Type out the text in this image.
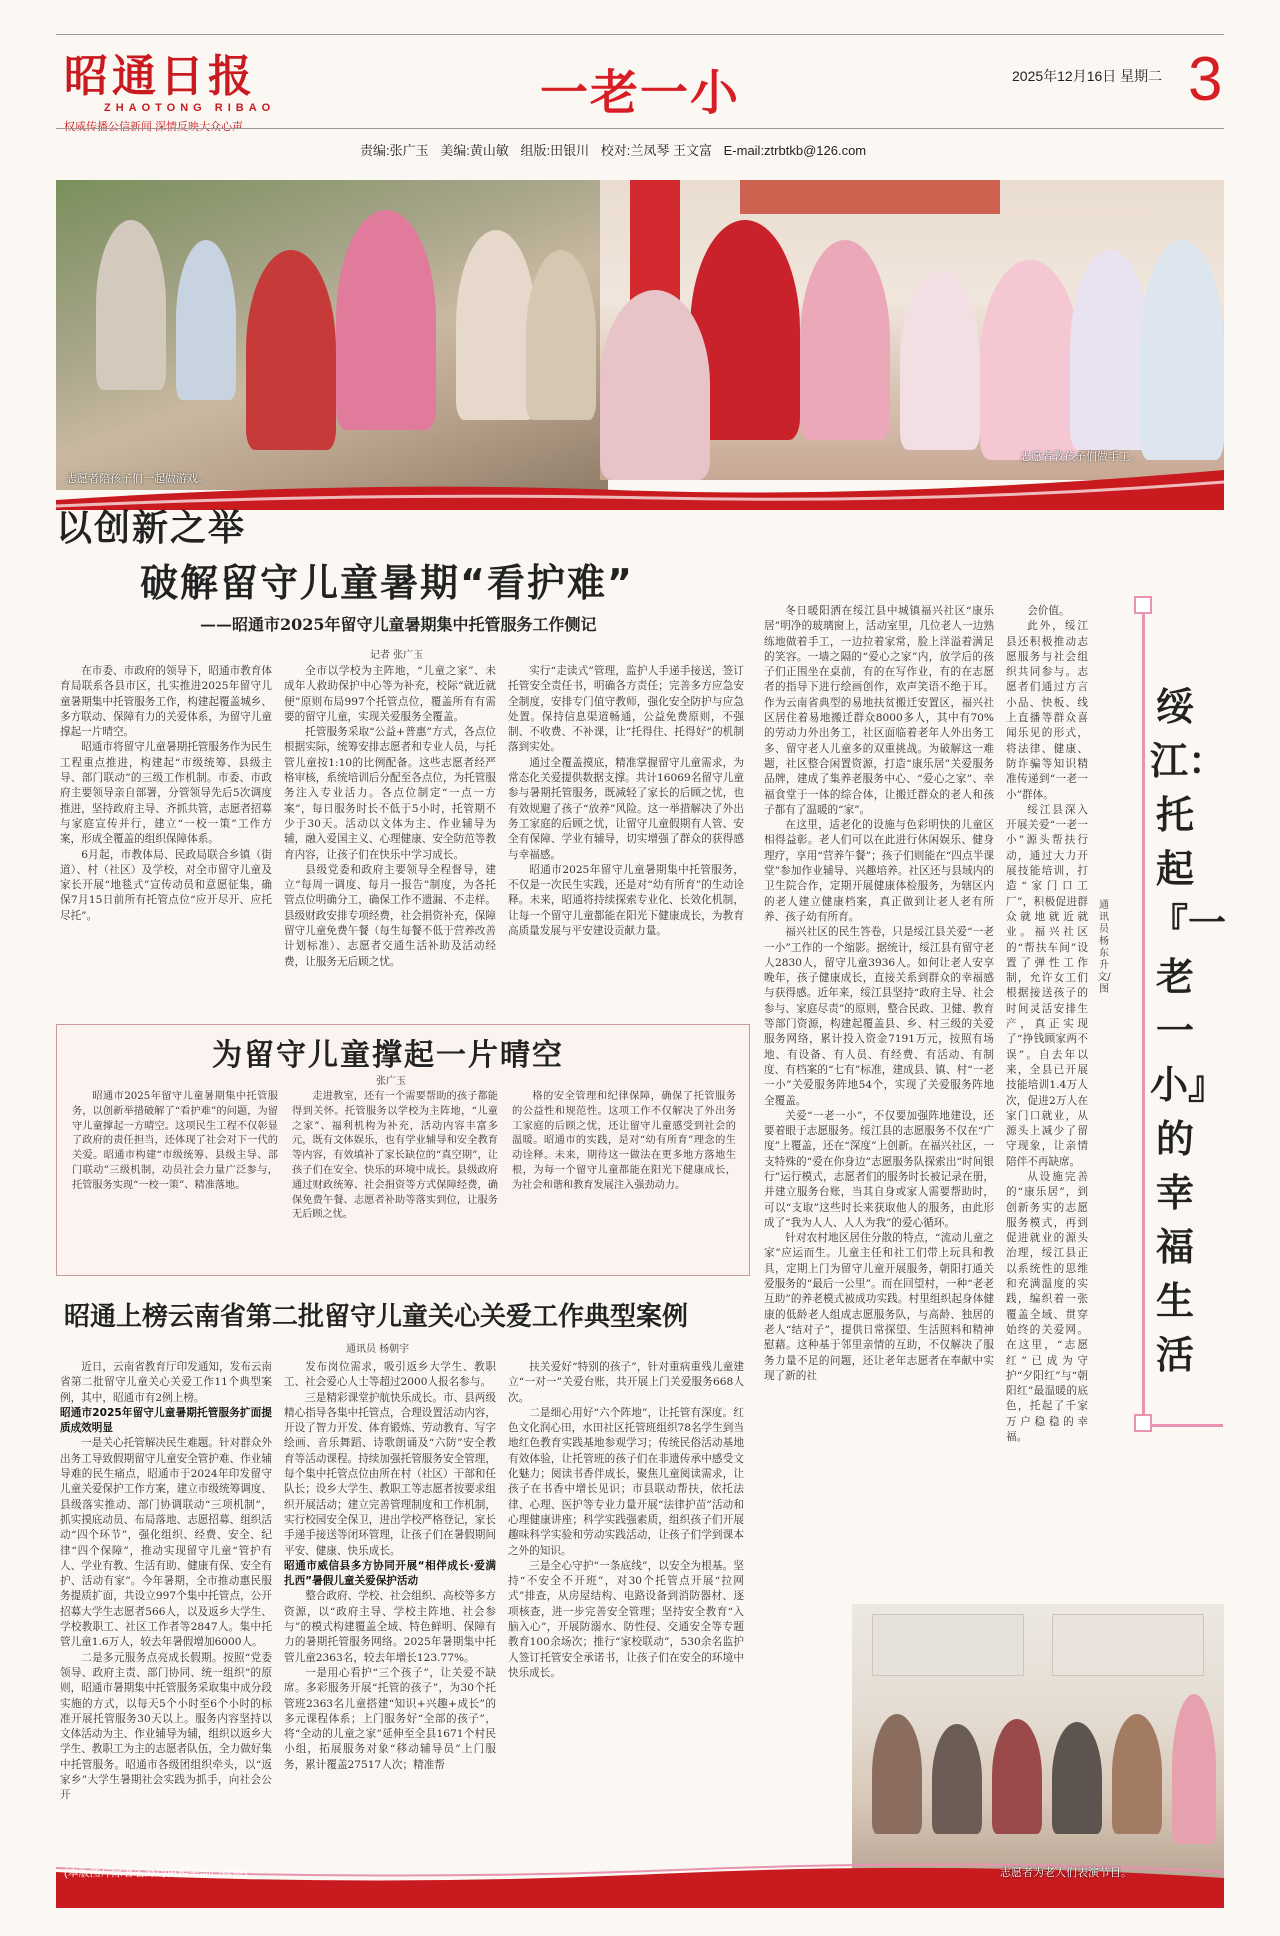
昭通日报
ZHAOTONG RIBAO
权威传播公信新闻 深情反映大众心声
一老一小	2025年12月16日 星期二 3
责编:张广玉 美编:黄山敏 组版:田银川 校对:兰凤琴 王文富 E-mail:ztrbtkb@126.com
志愿者陪孩子们一起做游戏。
志愿者教孩子们做手工。
以创新之举
破解留守儿童暑期“看护难”
——昭通市2025年留守儿童暑期集中托管服务工作侧记
记者 张广玉

在市委、市政府的领导下，昭通市教育体育局联系各县市区，扎实推进2025年留守儿童暑期集中托管服务工作，构建起覆盖城乡、多方联动、保障有力的关爱体系，为留守儿童撑起一片晴空。

昭通市将留守儿童暑期托管服务作为民生工程重点推进，构建起“市级统筹、县级主导、部门联动”的三级工作机制。市委、市政府主要领导亲自部署，分管领导先后5次调度推进，坚持政府主导、齐抓共管，志愿者招募与家庭宣传并行，建立“一校一策”工作方案，形成全覆盖的组织保障体系。

6月起，市教体局、民政局联合乡镇（街道）、村（社区）及学校，对全市留守儿童及家长开展“地毯式”宣传动员和意愿征集，确保7月15日前所有托管点位“应开尽开、应托尽托”。

全市以学校为主阵地，“儿童之家”、未成年人救助保护中心等为补充，校际“就近就便”原则布局997个托管点位，覆盖所有有需要的留守儿童，实现关爱服务全覆盖。

托管服务采取“公益+普惠”方式，各点位根据实际，统筹安排志愿者和专业人员，与托管儿童按1:10的比例配备。这些志愿者经严格审核，系统培训后分配至各点位，为托管服务注入专业活力。各点位制定“一点一方案”，每日服务时长不低于5小时，托管期不少于30天。活动以文体为主、作业辅导为辅，融入爱国主义、心理健康、安全防范等教育内容，让孩子们在快乐中学习成长。

县级党委和政府主要领导全程督导，建立“每周一调度、每月一报告”制度，为各托管点位明确分工，确保工作不遗漏、不走样。县级财政安排专项经费，社会捐资补充，保障留守儿童免费午餐（每生每餐不低于营养改善计划标准）、志愿者交通生活补助及活动经费，让服务无后顾之忧。

实行“走读式”管理，监护人手递手接送，签订托管安全责任书，明确各方责任；完善多方应急安全制度，安排专门值守教师，强化安全防护与应急处置。保持信息渠道畅通，公益免费原则，不强制、不收费、不补课，让“托得住、托得好”的机制落到实处。

通过全覆盖摸底，精准掌握留守儿童需求，为常态化关爱提供数据支撑。共计16069名留守儿童参与暑期托管服务，既减轻了家长的后顾之忧，也有效规避了孩子“放养”风险。这一举措解决了外出务工家庭的后顾之忧，让留守儿童假期有人管、安全有保障、学业有辅导，切实增强了群众的获得感与幸福感。

昭通市2025年留守儿童暑期集中托管服务，不仅是一次民生实践，还是对“幼有所育”的生动诠释。未来，昭通将持续探索专业化、长效化机制，让每一个留守儿童都能在阳光下健康成长，为教育高质量发展与平安建设贡献力量。

为留守儿童撑起一片晴空
张广玉

昭通市2025年留守儿童暑期集中托管服务，以创新举措破解了“看护难”的问题，为留守儿童撑起一方晴空。这项民生工程不仅彰显了政府的责任担当，还体现了社会对下一代的关爱。昭通市构建“市级统筹、县级主导、部门联动”三级机制，动员社会力量广泛参与，托管服务实现“一校一策”、精准落地。

走进教室，还有一个需要帮助的孩子都能得到关怀。托管服务以学校为主阵地，“儿童之家”、福利机构为补充，活动内容丰富多元，既有文体娱乐，也有学业辅导和安全教育等内容，有效填补了家长缺位的“真空期”，让孩子们在安全、快乐的环境中成长。县级政府通过财政统筹、社会捐资等方式保障经费，确保免费午餐、志愿者补助等落实到位，让服务无后顾之忧。

格的安全管理和纪律保障，确保了托管服务的公益性和规范性。这项工作不仅解决了外出务工家庭的后顾之忧，还让留守儿童感受到社会的温暖。昭通市的实践，是对“幼有所育”理念的生动诠释。未来，期待这一做法在更多地方落地生根，为每一个留守儿童都能在阳光下健康成长，为社会和谐和教育发展注入强劲动力。

昭通上榜云南省第二批留守儿童关心关爱工作典型案例
通讯员 杨朝宇

近日，云南省教育厅印发通知，发布云南省第二批留守儿童关心关爱工作11个典型案例，其中，昭通市有2例上榜。

昭通市2025年留守儿童暑期托管服务扩面提质成效明显

一是关心托管解决民生难题。针对群众外出务工导致假期留守儿童安全管护难、作业辅导难的民生痛点，昭通市于2024年印发留守儿童关爱保护工作方案，建立市级统筹调度、县级落实推动、部门协调联动“三项机制”，抓实摸底动员、布局落地、志愿招募、组织活动“四个环节”，强化组织、经费、安全、纪律“四个保障”，推动实现留守儿童“管护有人、学业有教、生活有助、健康有保、安全有护、活动有家”。今年暑期，全市推动惠民服务提质扩面，共设立997个集中托管点，公开招募大学生志愿者566人，以及返乡大学生、学校教职工、社区工作者等2847人。集中托管儿童1.6万人，较去年暑假增加6000人。

二是多元服务点亮成长假期。按照“党委领导、政府主责、部门协同、统一组织”的原则，昭通市暑期集中托管服务采取集中成分段实施的方式，以每天5个小时至6个小时的标准开展托管服务30天以上。服务内容坚持以文体活动为主、作业辅导为辅，组织以返乡大学生、教职工为主的志愿者队伍，全力做好集中托管服务。昭通市各级团组织牵头，以“返家乡”大学生暑期社会实践为抓手，向社会公开

发布岗位需求，吸引返乡大学生、教职工、社会爱心人士等超过2000人报名参与。

三是精彩课堂护航快乐成长。市、县两级精心指导各集中托管点，合理设置活动内容，开设了智力开发、体育锻炼、劳动教育、写字绘画、音乐舞蹈、诗歌朗诵及“六防”安全教育等活动课程。持续加强托管服务安全管理，每个集中托管点位由所在村（社区）干部和任队长；设乡大学生、教职工等志愿者按要求组织开展活动；建立完善管理制度和工作机制，实行校园安全保卫，进出学校严格登记，家长手递手接送等闭环管理，让孩子们在暑假期间平安、健康、快乐成长。

昭通市威信县多方协同开展“相伴成长·爱满扎西”暑假儿童关爱保护活动

整合政府、学校、社会组织、高校等多方资源，以“政府主导、学校主阵地、社会参与”的模式构建覆盖全域、特色鲜明、保障有力的暑期托管服务网络。2025年暑期集中托管儿童2363名，较去年增长123.77%。

一是用心看护“三个孩子”，让关爱不缺席。多彩服务开展“托管的孩子”，为30个托管班2363名儿童搭建“知识+兴趣+成长”的多元课程体系；上门服务好“全部的孩子”，将“全动的儿童之家”延伸至全县1671个村民小组，拓展服务对象“移动辅导员”上门服务，累计覆盖27517人次；精准帮

扶关爱好“特别的孩子”，针对重病重残儿童建立“一对一”关爱台账，共开展上门关爱服务668人次。

二是细心用好“六个阵地”，让托管有深度。红色文化润心田，水田社区托管班组织78名学生到当地红色教育实践基地参观学习；传统民俗活动基地有效体验，让托管班的孩子们在非遗传承中感受文化魅力；阅读书香伴成长，聚焦儿童阅读需求，让孩子在书香中增长见识；市县联动帮扶，依托法律、心理、医护等专业力量开展“法律护苗”活动和心理健康讲座；科学实践强素质，组织孩子们开展趣味科学实验和劳动实践活动，让孩子们学到课本之外的知识。

三是全心守护“一条底线”，以安全为根基。坚持“不安全不开班”，对30个托管点开展“拉网式”排查，从房屋结构、电路设备到消防器材、逐项核查，进一步完善安全管理；坚持安全教育“入脑入心”，开展防溺水、防性侵、交通安全等专题教育100余场次；推行“家校联动”，530余名监护人签订托管安全承诺书，让孩子们在安全的环境中快乐成长。

冬日暖阳洒在绥江县中城镇福兴社区“康乐居”明净的玻璃窗上，活动室里，几位老人一边熟练地做着手工，一边拉着家常，脸上洋溢着满足的笑容。一墙之隔的“爱心之家”内，放学后的孩子们正围坐在桌前，有的在写作业，有的在志愿者的指导下进行绘画创作，欢声笑语不绝于耳。作为云南省典型的易地扶贫搬迁安置区，福兴社区居住着易地搬迁群众8000多人，其中有70%的劳动力外出务工，社区面临着老年人外出务工多、留守老人儿童多的双重挑战。为破解这一难题，社区整合闲置资源，打造“康乐居”关爱服务品牌，建成了集养老服务中心、“爱心之家”、幸福食堂于一体的综合体，让搬迁群众的老人和孩子都有了温暖的“家”。

在这里，适老化的设施与色彩明快的儿童区相得益彰。老人们可以在此进行休闲娱乐、健身理疗，享用“营养午餐”；孩子们则能在“四点半课堂”参加作业辅导、兴趣培养。社区还与县域内的卫生院合作，定期开展健康体检服务，为辖区内的老人建立健康档案，真正做到让老人老有所养、孩子幼有所育。

福兴社区的民生答卷，只是绥江县关爱“一老一小”工作的一个缩影。据统计，绥江县有留守老人2830人，留守儿童3936人。如何让老人安享晚年，孩子健康成长，直接关系到群众的幸福感与获得感。近年来，绥江县坚持“政府主导、社会参与、家庭尽责”的原则，整合民政、卫健、教育等部门资源，构建起覆盖县、乡、村三级的关爱服务网络，累计投入资金7191万元，按照有场地、有设备、有人员、有经费、有活动、有制度、有档案的“七有”标准，建成县、镇、村“一老一小”关爱服务阵地54个，实现了关爱服务阵地全覆盖。

关爱“一老一小”，不仅要加强阵地建设，还要着眼于志愿服务。绥江县的志愿服务不仅在“广度”上覆盖，还在“深度”上创新。在福兴社区，一支特殊的“爱在你身边”志愿服务队探索出“时间银行”运行模式，志愿者们的服务时长被记录在册，并建立服务台账，当其自身或家人需要帮助时，可以“支取”这些时长来获取他人的服务，由此形成了“我为人人、人人为我”的爱心循环。

针对农村地区居住分散的特点，“流动儿童之家”应运而生。儿童主任和社工们带上玩具和教具，定期上门为留守儿童开展服务，朝阳打通关爱服务的“最后一公里”。而在回望村，一种“老老互助”的养老模式被成功实践。村里组织起身体健康的低龄老人组成志愿服务队，与高龄、独居的老人“结对子”，提供日常探望、生活照料和精神慰藉。这种基于邻里亲情的互助，不仅解决了服务力量不足的问题，还让老年志愿者在奉献中实现了新的社

会价值。

此外，绥江县还积极推动志愿服务与社会组织共同参与。志愿者们通过方言小品、快板、线上直播等群众喜闻乐见的形式，将法律、健康、防诈骗等知识精准传递到“一老一小”群体。

绥江县深入开展关爱“一老一小”源头帮扶行动，通过大力开展技能培训，打造“家门口工厂”，积极促进群众就地就近就业。福兴社区的“帮扶车间”设置了弹性工作制，允许女工们根据接送孩子的时间灵活安排生产，真正实现了“挣钱顾家两不误”。自去年以来，全县已开展技能培训1.4万人次，促进2万人在家门口就业，从源头上减少了留守现象，让亲情陪伴不再缺席。

从设施完善的“康乐居”，到创新务实的志愿服务模式，再到促进就业的源头治理，绥江县正以系统性的思维和充满温度的实践，编织着一张覆盖全域、贯穿始终的关爱网。在这里，“志愿红”已成为守护“夕阳红”与“朝阳红”最温暖的底色，托起了千家万户稳稳的幸福。

绥江：托起『一老一小』的幸福生活
通讯员 杨东升 文/图
(本版图片除署名外均由相关部门提供)	志愿者为老人们表演节目。
